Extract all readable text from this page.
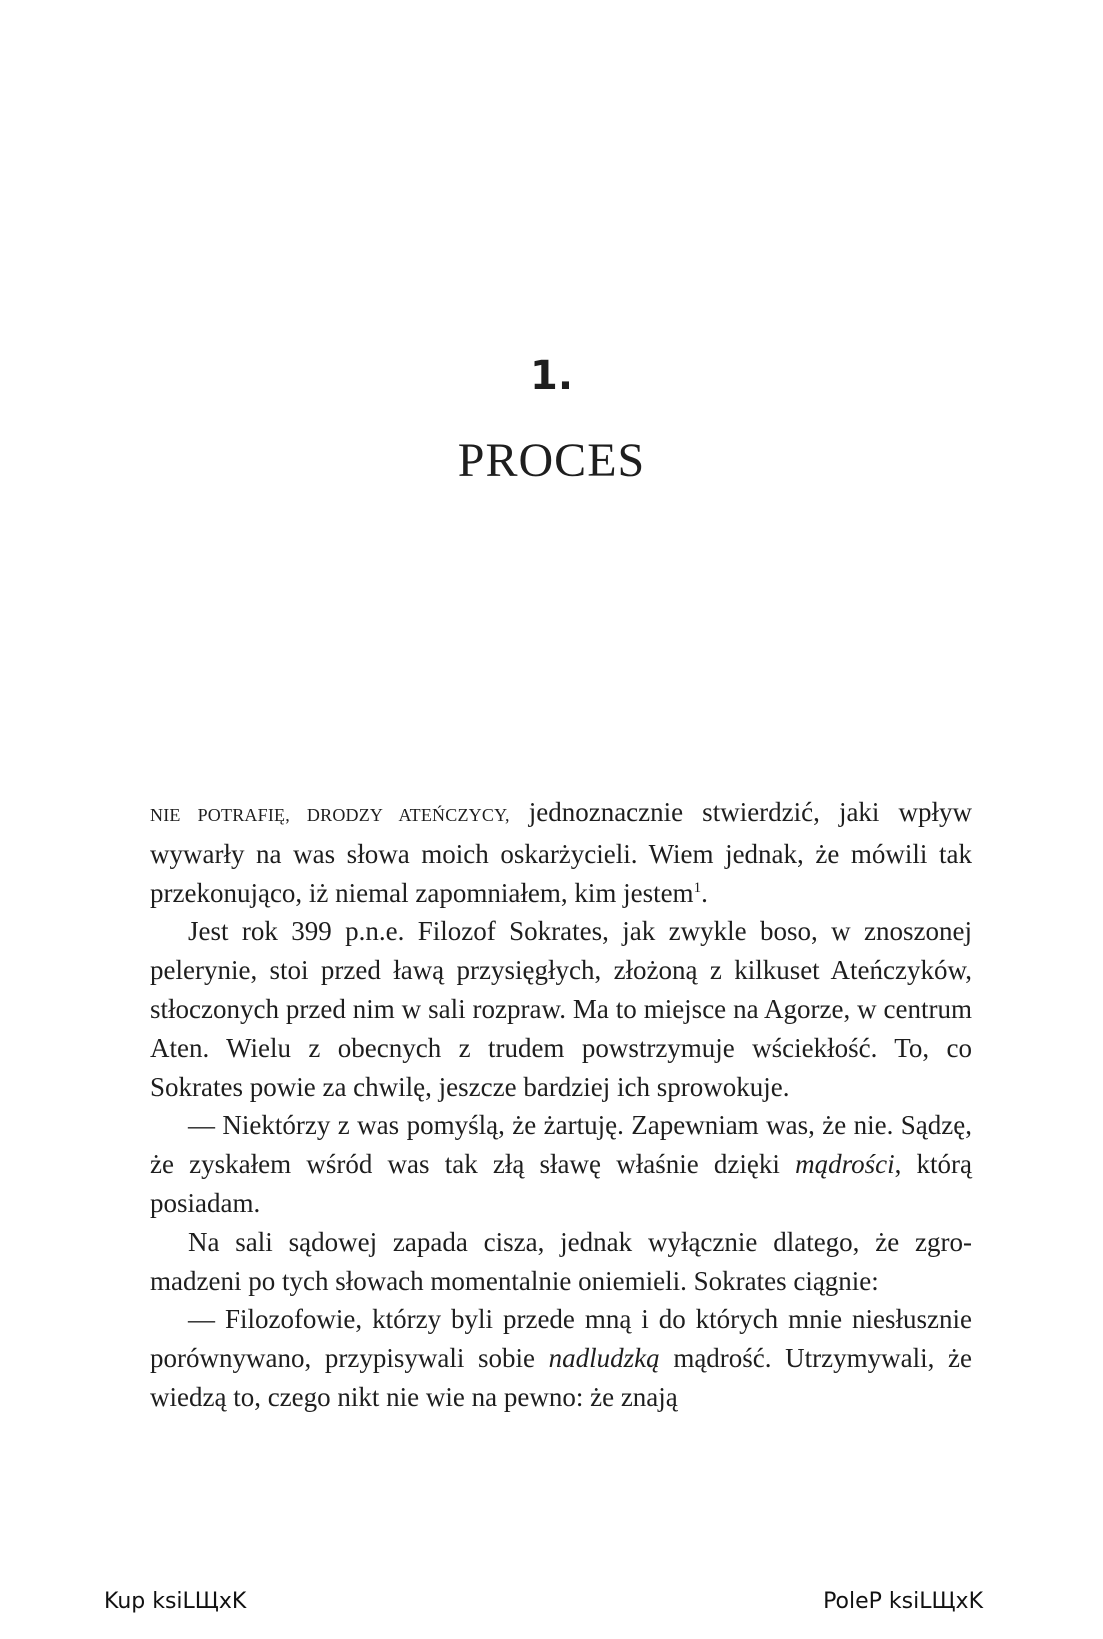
1.
PROCES

NIE POTRAFIĘ, DRODZY ATEŃCZYCY, jednoznacznie stwierdzić, jaki wpływ wywarły na was słowa moich oskarżycieli. Wiem jednak, że mówili tak przekonująco, iż niemal zapomniałem, kim jestem$^1$.

Jest rok 399 p.n.e. Filozof Sokrates, jak zwykle boso, w znoszonej pelerynie, stoi przed ławą przysięgłych, złożoną z kilkuset Ateńczyków, stłoczonych przed nim w sali rozpraw. Ma to miejsce na Agorze, w centrum Aten. Wielu z obecnych z trudem powstrzymuje wściekłość. To, co Sokrates powie za chwilę, jeszcze bardziej ich sprowokuje.

— Niektórzy z was pomyślą, że żartuję. Zapewniam was, że nie. Sądzę, że zyskałem wśród was tak złą sławę właśnie dzięki mądrości, którą posiadam.

Na sali sądowej zapada cisza, jednak wyłącznie dlatego, że zgromadzeni po tych słowach momentalnie oniemieli. Sokrates ciągnie:

— Filozofowie, którzy byli przede mną i do których mnie niesłusznie porównywano, przypisywali sobie nadludzką mądrość. Utrzymywali, że wiedzą to, czego nikt nie wie na pewno: że znają

Kup ksiLЩxK	PoleP ksiLЩxK
